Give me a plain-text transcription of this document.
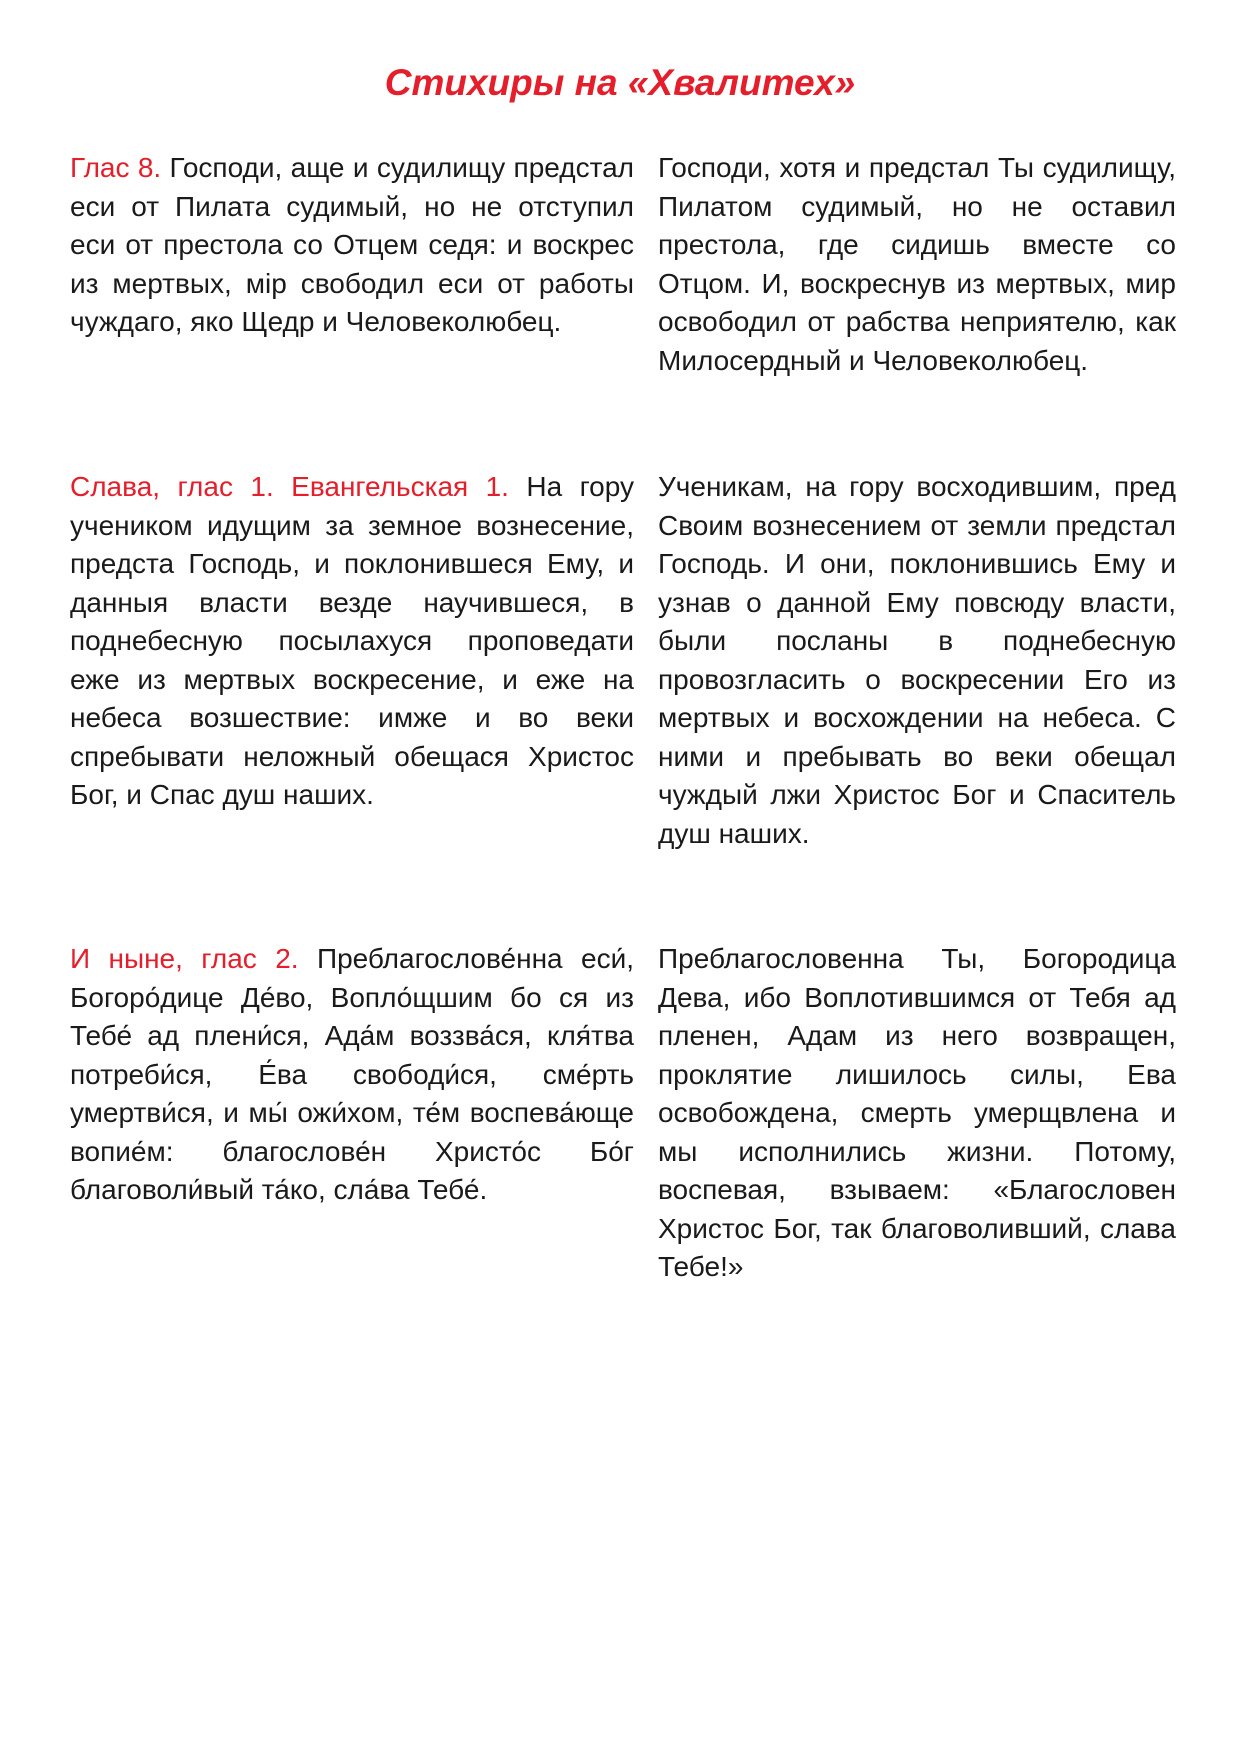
Стихиры на «Хвалитех»

Глас 8. Господи, аще и судилищу предстал еси от Пилата судимый, но не отступил еси от престола со Отцем седя: и воскрес из мертвых, мiр свободил еси от работы чуждаго, яко Щедр и Человеколюбец.

Господи, хотя и предстал Ты судилищу, Пилатом судимый, но не оставил престола, где сидишь вместе со Отцом. И, воскреснув из мертвых, мир освободил от рабства неприятелю, как Милосердный и Человеколюбец.

Слава, глас 1. Евангельская 1. На гору учеником идущим за земное вознесение, предста Господь, и поклонившеся Ему, и данныя власти везде научившеся, в поднебесную посылахуся проповедати еже из мертвых воскресение, и еже на небеса возшествие: имже и во веки спребывати неложный обещася Христос Бог, и Спас душ наших.

Ученикам, на гору восходившим, пред Своим вознесением от земли предстал Господь. И они, поклонившись Ему и узнав о данной Ему повсюду власти, были посланы в поднебесную провозгласить о воскресении Его из мертвых и восхождении на небеса. С ними и пребывать во веки обещал чуждый лжи Христос Бог и Спаситель душ наших.

И ныне, глас 2. Преблагослове́нна еси́, Богоро́дице Де́во, Вопло́щшим бо ся из Тебе́ ад плени́ся, Ада́м воззва́ся, кля́тва потреби́ся, Е́ва свободи́ся, сме́рть умертви́ся, и мы́ ожи́хом, те́м воспева́юще вопие́м: благослове́н Христо́с Бо́г благоволи́вый та́ко, сла́ва Тебе́.

Преблагословенна Ты, Богородица Дева, ибо Воплотившимся от Тебя ад пленен, Адам из него возвращен, проклятие лишилось силы, Ева освобождена, смерть умерщвлена и мы исполнились жизни. Потому, воспевая, взываем: «Благословен Христос Бог, так благоволивший, слава Тебе!»
